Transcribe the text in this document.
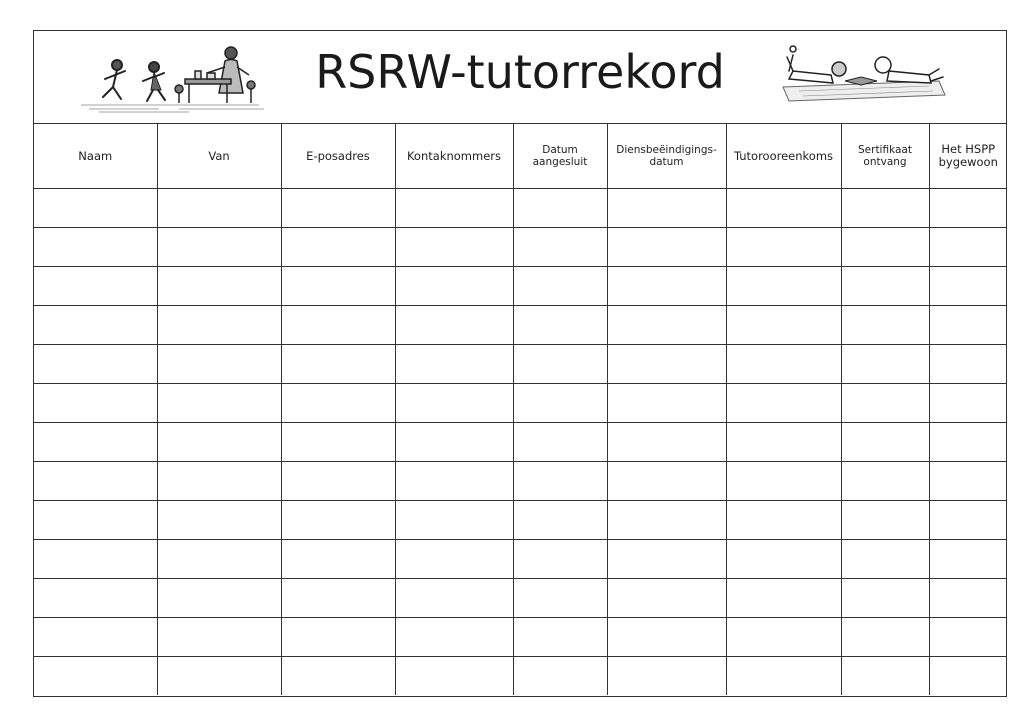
RSRW-tutorrekord
Naam	Van	E-posadres	Kontaknommers	Datum aangesluit	Diensbeëindigings- datum	Tutorooreenkoms	Sertifikaat ontvang	Het HSPP bygewoon
